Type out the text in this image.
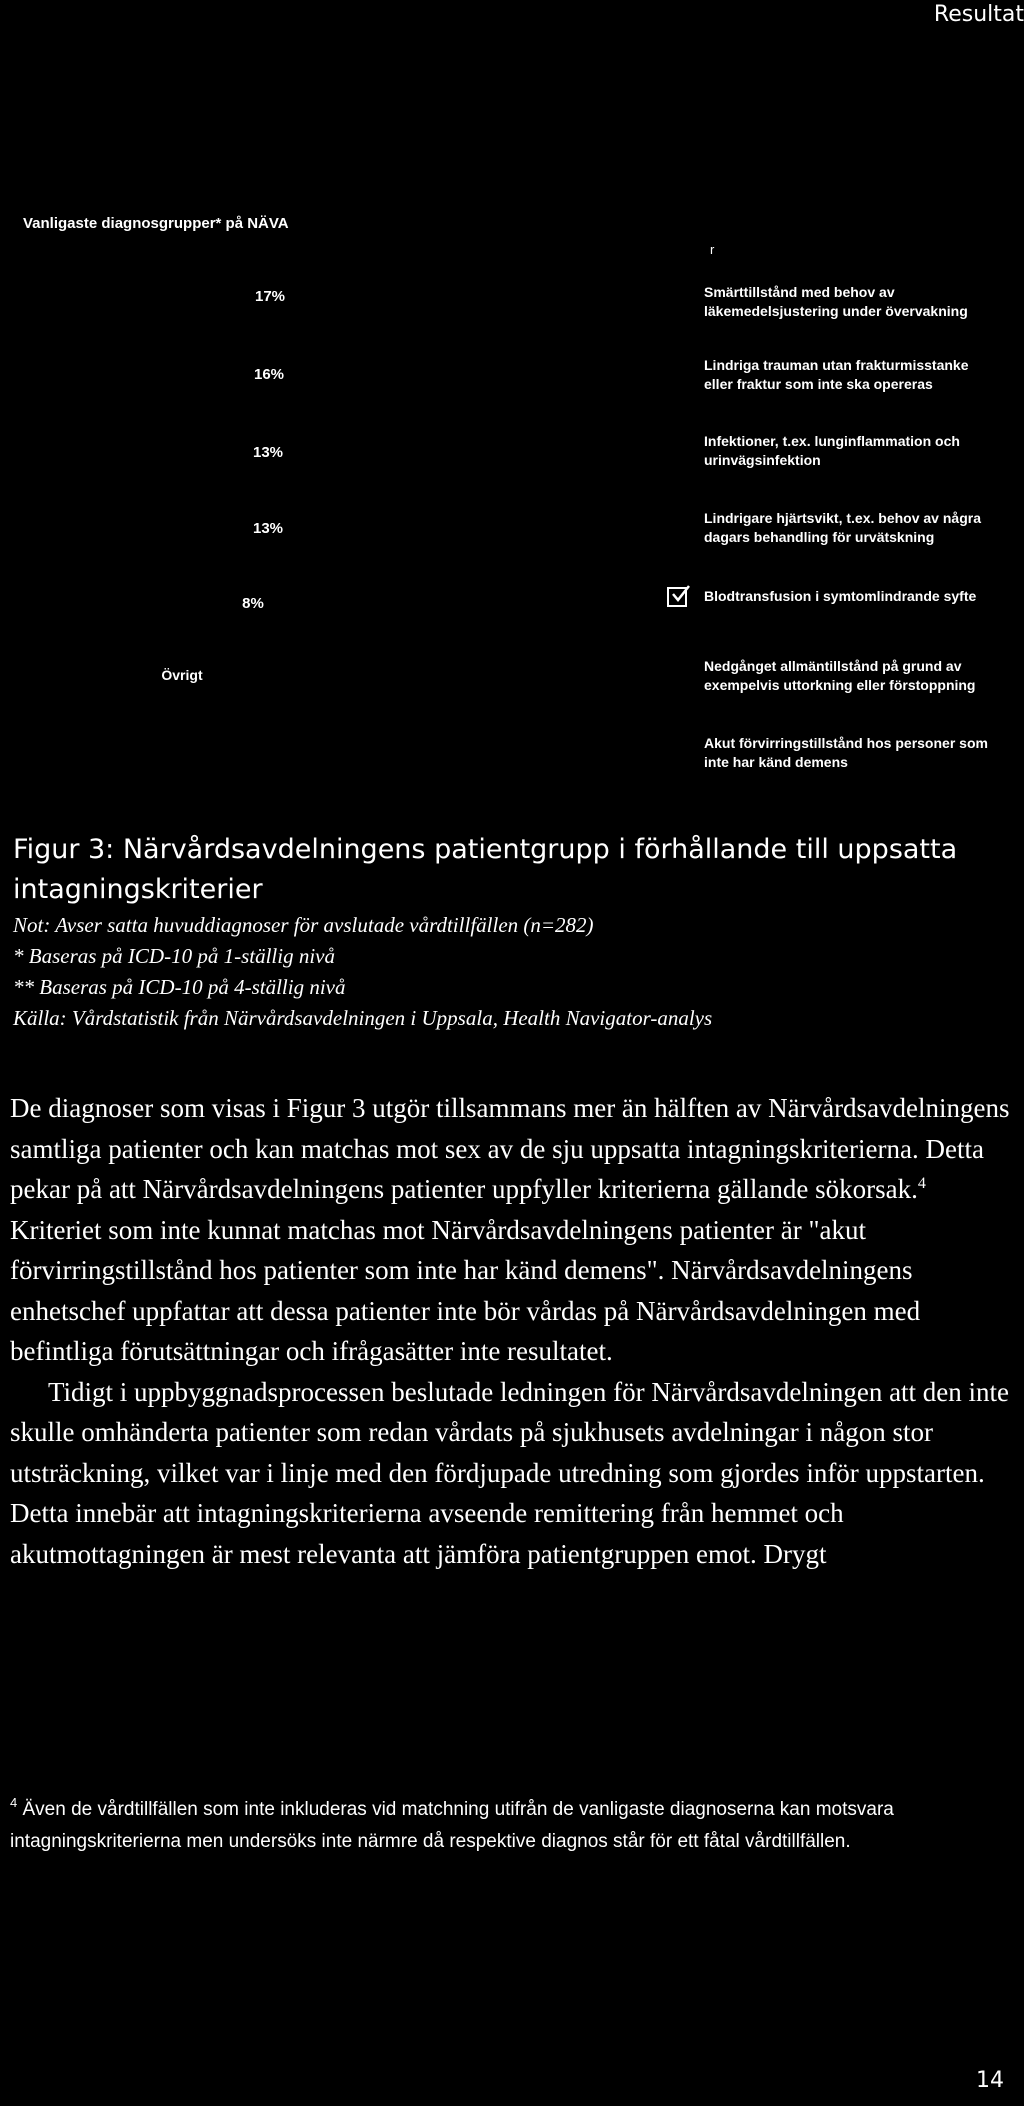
Resultat
Vanligaste diagnosgrupper* på NÄVA
r
17%
16%
13%
13%
8%
Övrigt
Smärttillstånd med behov av
läkemedelsjustering under övervakning
Lindriga trauman utan frakturmisstanke
eller fraktur som inte ska opereras
Infektioner, t.ex. lunginflammation och
urinvägsinfektion
Lindrigare hjärtsvikt, t.ex. behov av några
dagars behandling för urvätskning
Blodtransfusion i symtomlindrande syfte
Nedgånget allmäntillstånd på grund av
exempelvis uttorkning eller förstoppning
Akut förvirringstillstånd hos personer som
inte har känd demens
Figur 3: Närvårdsavdelningens patientgrupp i förhållande till uppsatta
intagningskriterier

Not: Avser satta huvuddiagnoser för avslutade vårdtillfällen (n=282)

* Baseras på ICD-10 på 1-ställig nivå

** Baseras på ICD-10 på 4-ställig nivå

Källa: Vårdstatistik från Närvårdsavdelningen i Uppsala, Health Navigator-analys

De diagnoser som visas i Figur 3 utgör tillsammans mer än hälften av Närvårdsavdelningens samtliga patienter och kan matchas mot sex av de sju uppsatta intagningskriterierna. Detta pekar på att Närvårdsavdelningens patienter uppfyller kriterierna gällande sökorsak.$^4$ Kriteriet som inte kunnat matchas mot Närvårdsavdelningens patienter är "akut förvirringstillstånd hos patienter som inte har känd demens". Närvårdsavdelningens enhetschef uppfattar att dessa patienter inte bör vårdas på Närvårdsavdelningen med befintliga förutsättningar och ifrågasätter inte resultatet.

Tidigt i uppbyggnadsprocessen beslutade ledningen för Närvårdsavdelningen att den inte skulle omhänderta patienter som redan vårdats på sjukhusets avdelningar i någon stor utsträckning, vilket var i linje med den fördjupade utredning som gjordes inför uppstarten. Detta innebär att intagningskriterierna avseende remittering från hemmet och akutmottagningen är mest relevanta att jämföra patientgruppen emot. Drygt

$^4$ Även de vårdtillfällen som inte inkluderas vid matchning utifrån de vanligaste diagnoserna kan motsvara intagningskriterierna men undersöks inte närmre då respektive diagnos står för ett fåtal vårdtillfällen.
14
